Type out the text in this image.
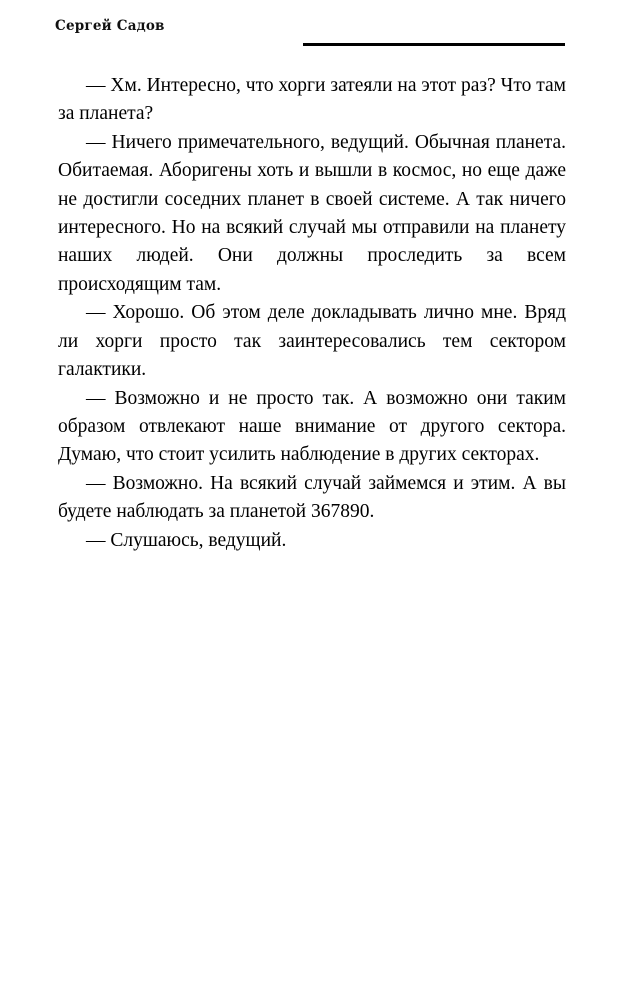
Сергей Садов

— Хм. Интересно, что хорги затеяли на этот раз? Что там за планета?

— Ничего примечательного, ведущий. Обычная планета. Обитаемая. Аборигены хоть и вышли в космос, но еще даже не достигли соседних планет в своей системе. А так ничего интересного. Но на всякий случай мы отправили на планету наших людей. Они должны проследить за всем происходящим там.

— Хорошо. Об этом деле докладывать лично мне. Вряд ли хорги просто так заинтересовались тем сектором галактики.

— Возможно и не просто так. А возможно они таким образом отвлекают наше внимание от другого сектора. Думаю, что стоит усилить наблюдение в других секторах.

— Возможно. На всякий случай займемся и этим. А вы будете наблюдать за планетой 367890.

— Слушаюсь, ведущий.
